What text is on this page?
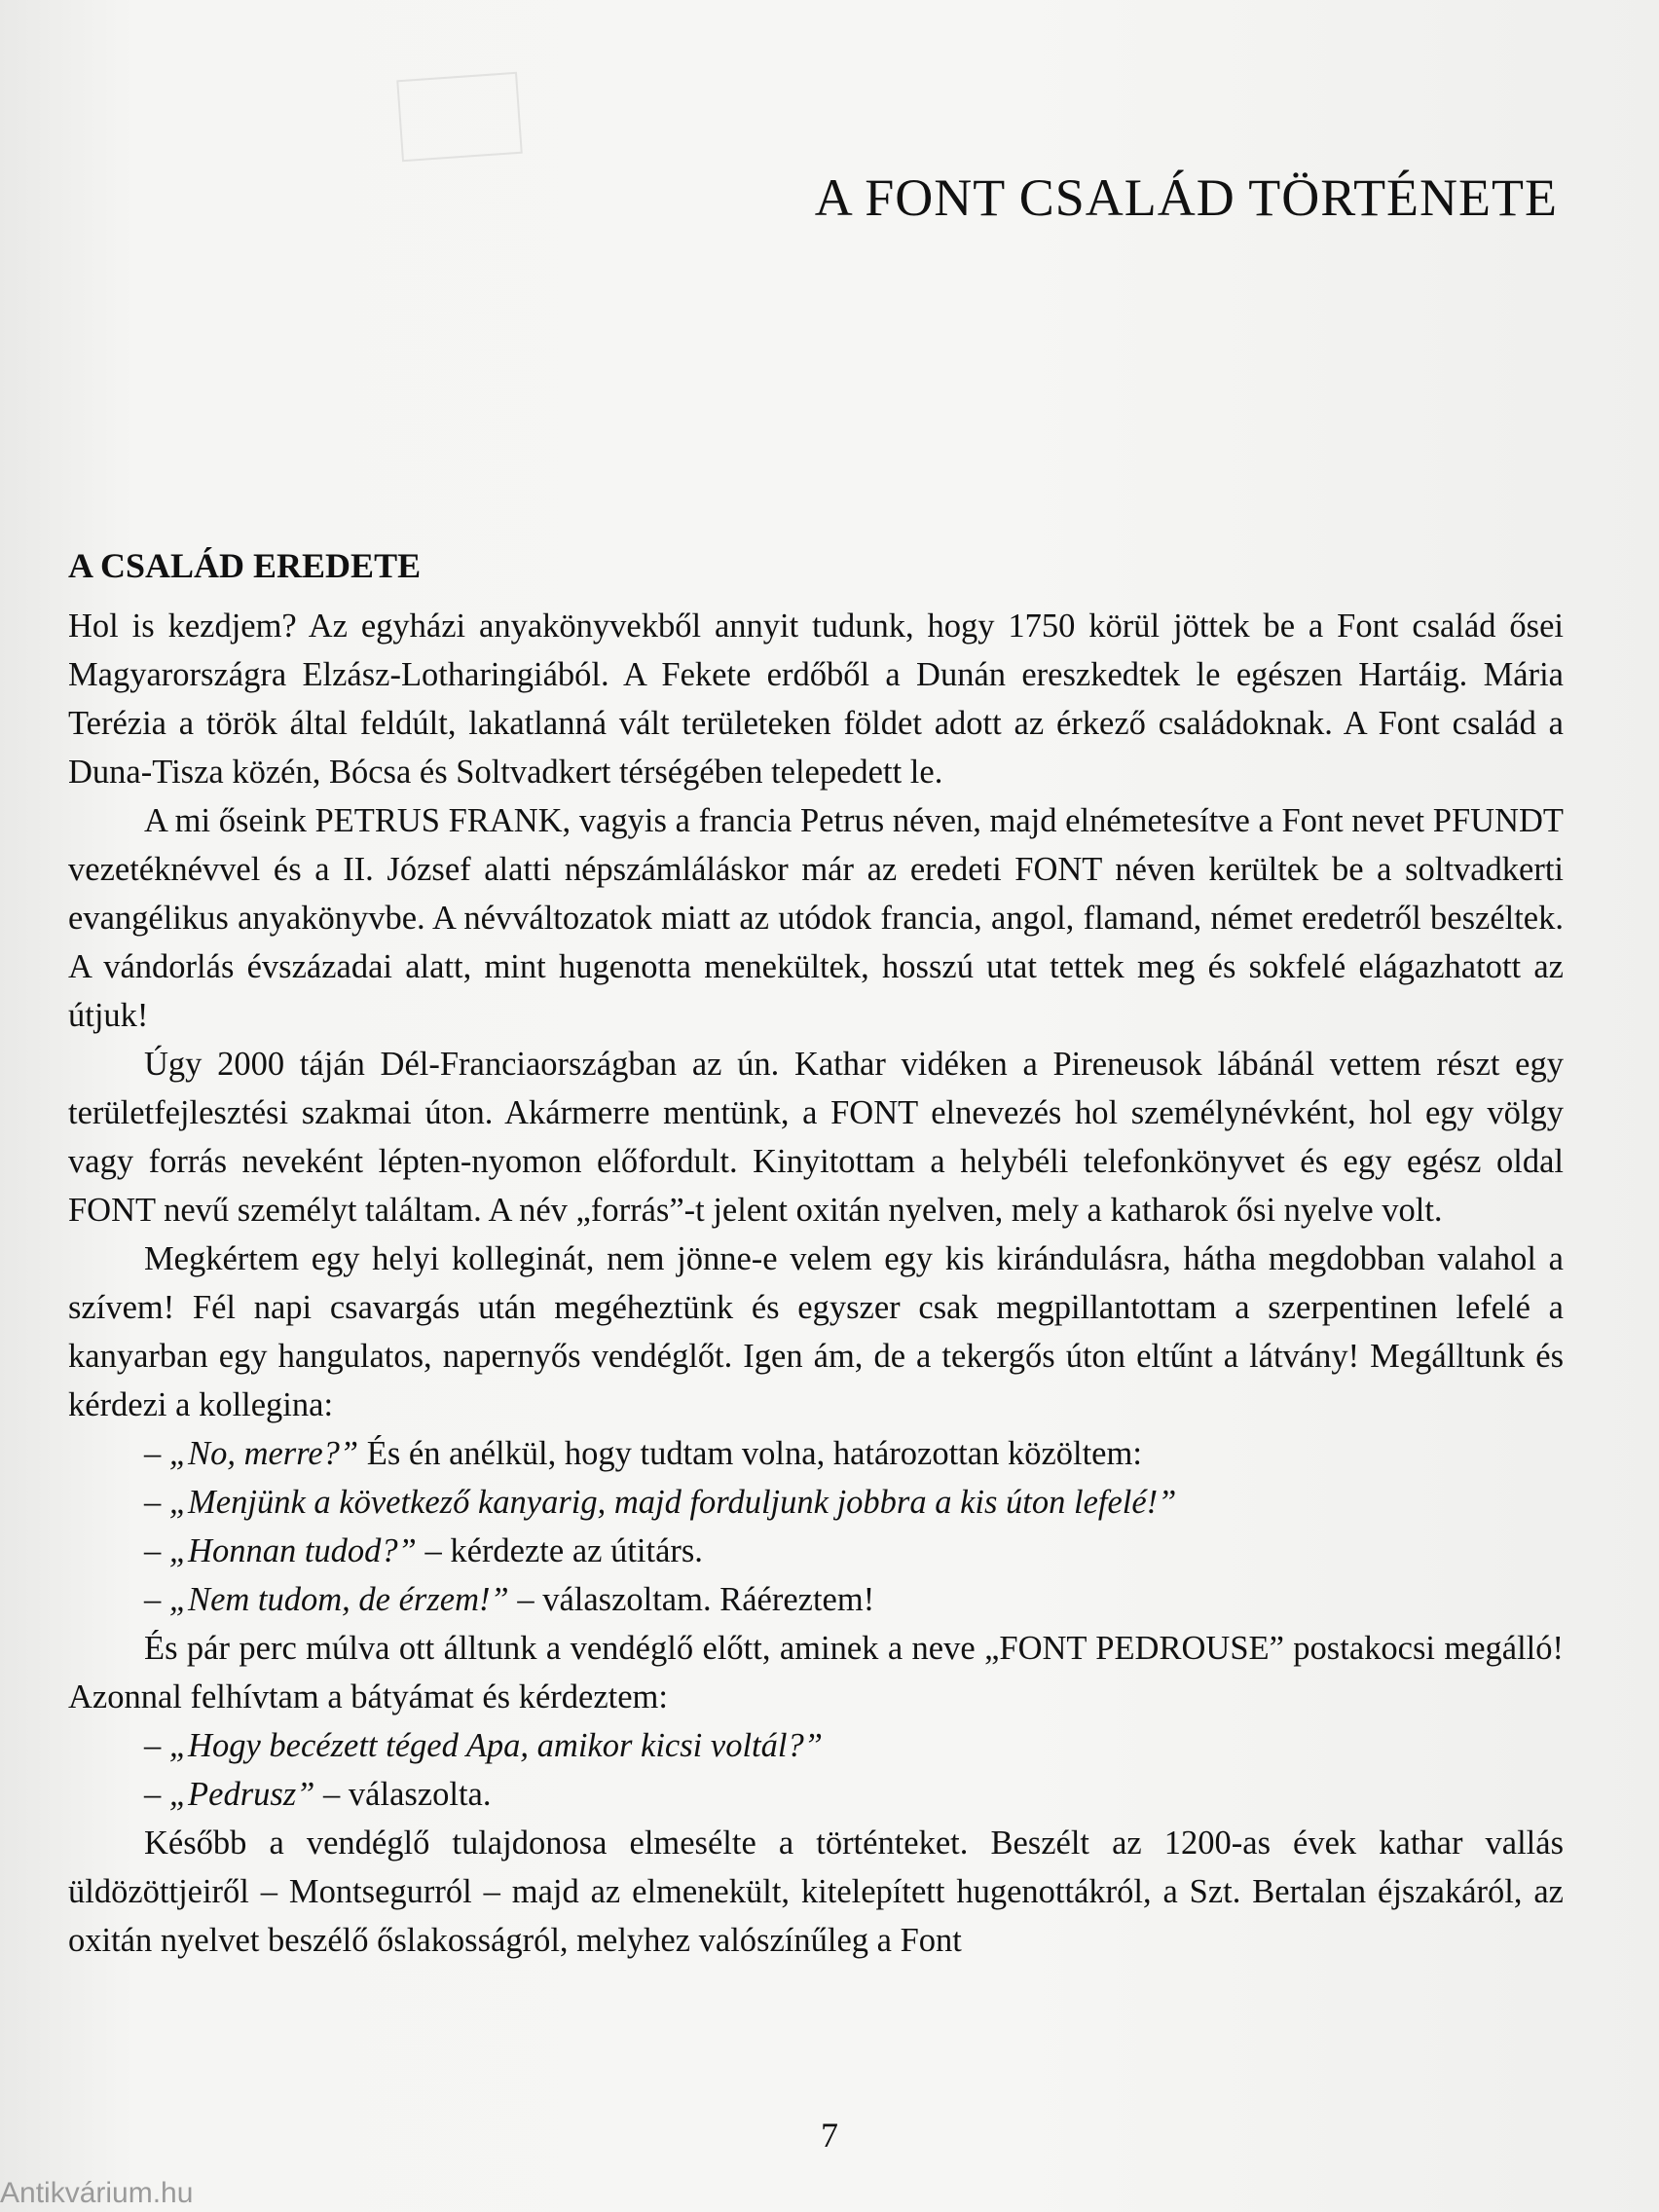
A FONT CSALÁD TÖRTÉNETE
A CSALÁD EREDETE

Hol is kezdjem? Az egyházi anyakönyvekből annyit tudunk, hogy 1750 körül jöttek be a Font család ősei Magyarországra Elzász-Lotharingiából. A Fekete erdőből a Dunán ereszkedtek le egészen Hartáig. Mária Terézia a török által feldúlt, lakatlanná vált területeken földet adott az érkező családoknak. A Font család a Duna-Tisza közén, Bócsa és Soltvadkert térségében telepedett le.

A mi őseink PETRUS FRANK, vagyis a francia Petrus néven, majd elnémetesítve a Font nevet PFUNDT vezetéknévvel és a II. József alatti népszámláláskor már az eredeti FONT néven kerültek be a soltvadkerti evangélikus anyakönyvbe. A névváltozatok miatt az utódok francia, angol, flamand, német eredetről beszéltek. A vándorlás évszázadai alatt, mint hugenotta menekültek, hosszú utat tettek meg és sokfelé elágazhatott az útjuk!

Úgy 2000 táján Dél-Franciaországban az ún. Kathar vidéken a Pireneusok lábánál vettem részt egy területfejlesztési szakmai úton. Akármerre mentünk, a FONT elnevezés hol személynévként, hol egy völgy vagy forrás neveként lépten-nyomon előfordult. Kinyitottam a helybéli telefonkönyvet és egy egész oldal FONT nevű személyt találtam. A név „forrás”-t jelent oxitán nyelven, mely a katharok ősi nyelve volt.

Megkértem egy helyi kolleginát, nem jönne-e velem egy kis kirándulásra, hátha megdobban valahol a szívem! Fél napi csavargás után megéheztünk és egyszer csak megpillantottam a szerpentinen lefelé a kanyarban egy hangulatos, napernyős vendéglőt. Igen ám, de a tekergős úton eltűnt a látvány! Megálltunk és kérdezi a kollegina:

– „No, merre?” És én anélkül, hogy tudtam volna, határozottan közöltem:

– „Menjünk a következő kanyarig, majd forduljunk jobbra a kis úton lefelé!”

– „Honnan tudod?” – kérdezte az útitárs.

– „Nem tudom, de érzem!” – válaszoltam. Ráéreztem!

És pár perc múlva ott álltunk a vendéglő előtt, aminek a neve „FONT PEDROUSE” postakocsi megálló! Azonnal felhívtam a bátyámat és kérdeztem:

– „Hogy becézett téged Apa, amikor kicsi voltál?”

– „Pedrusz” – válaszolta.

Később a vendéglő tulajdonosa elmesélte a történteket. Beszélt az 1200-as évek kathar vallás üldözöttjeiről – Montsegurról – majd az elmenekült, kitelepített hugenottákról, a Szt. Bertalan éjszakáról, az oxitán nyelvet beszélő őslakosságról, melyhez valószínűleg a Font

7
Antikvárium.hu
